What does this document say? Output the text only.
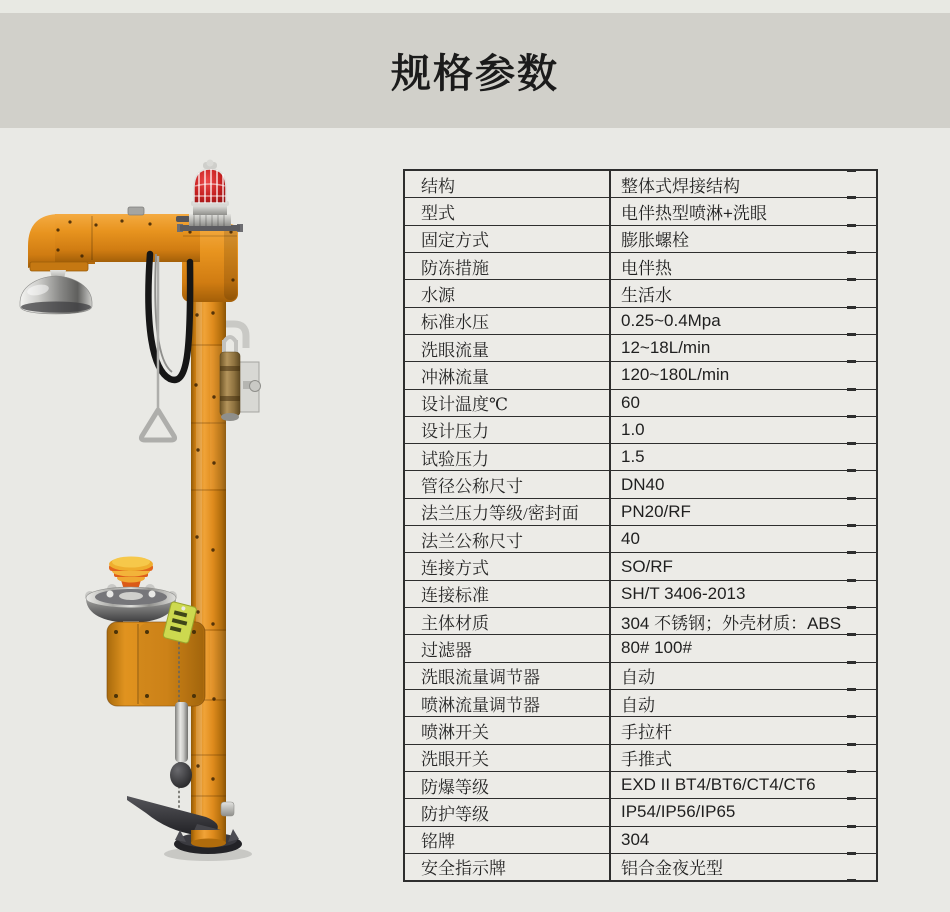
规格参数
结构	整体式焊接结构
型式	电伴热型喷淋+洗眼
固定方式	膨胀螺栓
防冻措施	电伴热
水源	生活水
标准水压	0.25~0.4Mpa
洗眼流量	12~18L/min
冲淋流量	120~180L/min
设计温度℃	60
设计压力	1.0
试验压力	1.5
管径公称尺寸	DN40
法兰压力等级/密封面	PN20/RF
法兰公称尺寸	40
连接方式	SO/RF
连接标准	SH/T 3406-2013
主体材质	304 不锈钢；外壳材质：ABS
过滤器	80# 100#
洗眼流量调节器	自动
喷淋流量调节器	自动
喷淋开关	手拉杆
洗眼开关	手推式
防爆等级	EXD II BT4/BT6/CT4/CT6
防护等级	IP54/IP56/IP65
铭牌	304
安全指示牌	铝合金夜光型
